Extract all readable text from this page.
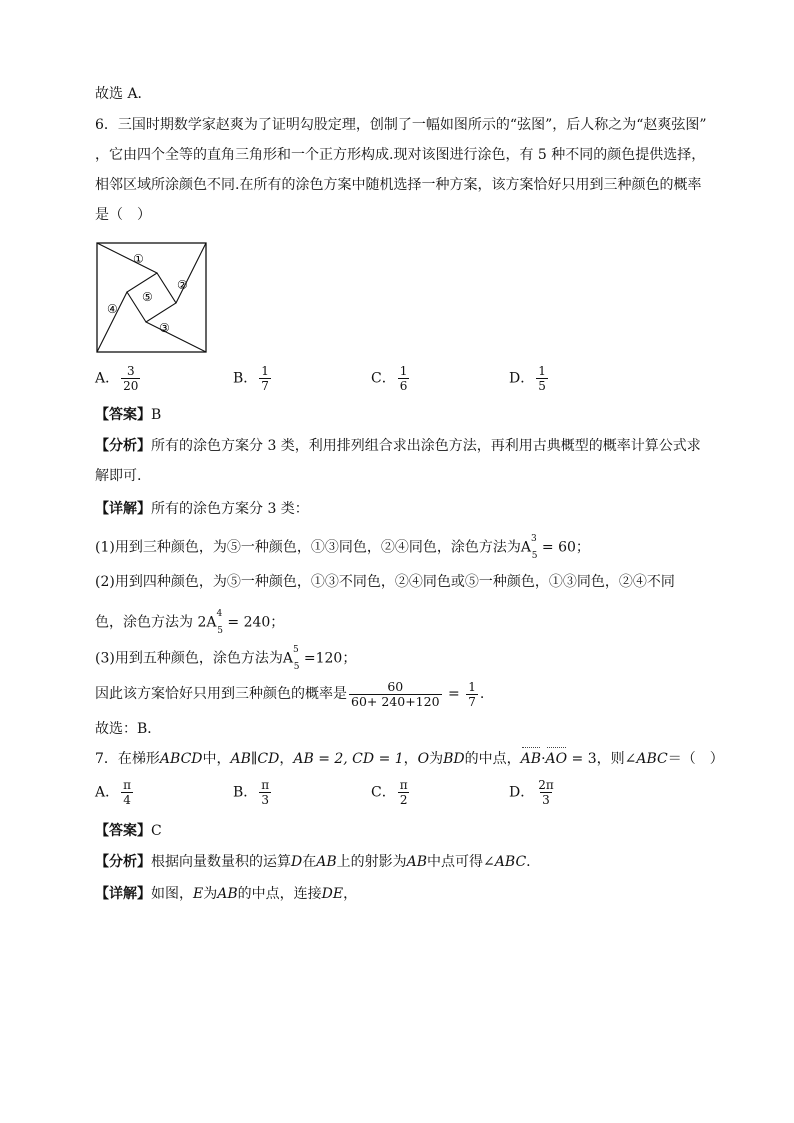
故选 A．
6．三国时期数学家赵爽为了证明勾股定理，创制了一幅如图所示的“弦图”，后人称之为“赵爽弦图”
，它由四个全等的直角三角形和一个正方形构成.现对该图进行涂色，有 5 种不同的颜色提供选择，
相邻区域所涂颜色不同.在所有的涂色方案中随机选择一种方案，该方案恰好只用到三种颜色的概率
是（　）
①
②
③
④
⑤
A． $\frac{3}{20}$	B． $\frac{1}{7}$	C． $\frac{1}{6}$	D． $\frac{1}{5}$
【答案】B
【分析】所有的涂色方案分 3 类，利用排列组合求出涂色方法，再利用古典概型的概率计算公式求
解即可.
【详解】所有的涂色方案分 3 类：
(1)用到三种颜色，为⑤一种颜色，①③同色，②④同色，涂色方法为$A^3_5 = 60$；
(2)用到四种颜色，为⑤一种颜色，①③不同色，②④同色或⑤一种颜色，①③同色，②④不同
色，涂色方法为 $2A^4_5 = 240$；
(3)用到五种颜色，涂色方法为$A^5_5 =120$；
因此该方案恰好只用到三种颜色的概率是 $\frac{60}{60+ 240+120} = \frac{1}{7}$ .
故选：B．
7．在梯形ABCD中，AB∥CD，AB = 2, CD = 1，O为BD的中点，AB·AO = 3，则∠ABC＝（　）
A． $\frac{\pi}{4}$	B． $\frac{\pi}{3}$	C． $\frac{\pi}{2}$	D． $\frac{2\pi}{3}$
【答案】C
【分析】根据向量数量积的运算D在AB上的射影为AB中点可得∠ABC.
【详解】如图，E为AB的中点，连接DE，
